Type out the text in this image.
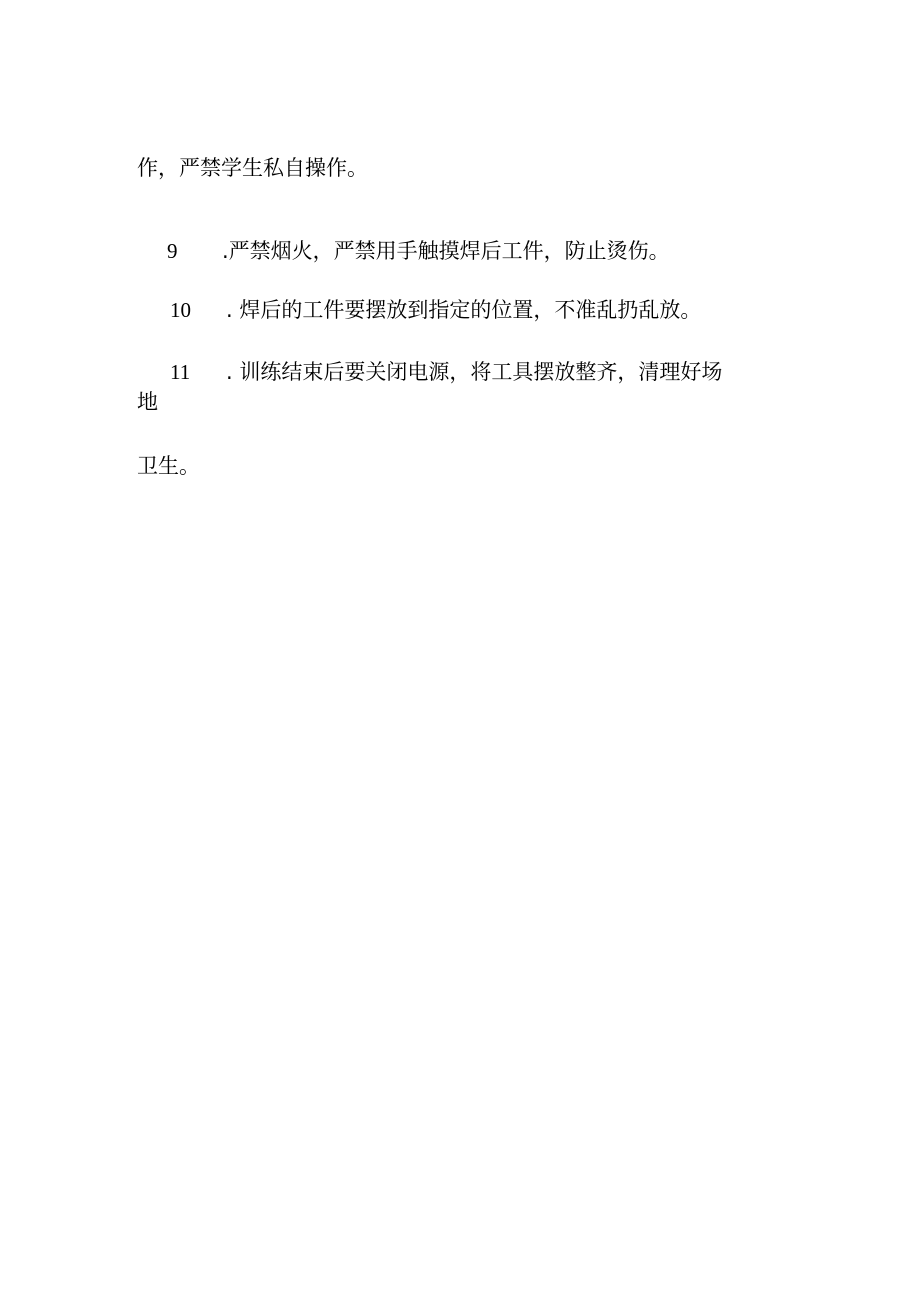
作，严禁学生私自操作。
9 .严禁烟火，严禁用手触摸焊后工件，防止烫伤。
10 . 焊后的工件要摆放到指定的位置，不准乱扔乱放。
11 . 训练结束后要关闭电源，将工具摆放整齐，清理好场
地
卫生。
